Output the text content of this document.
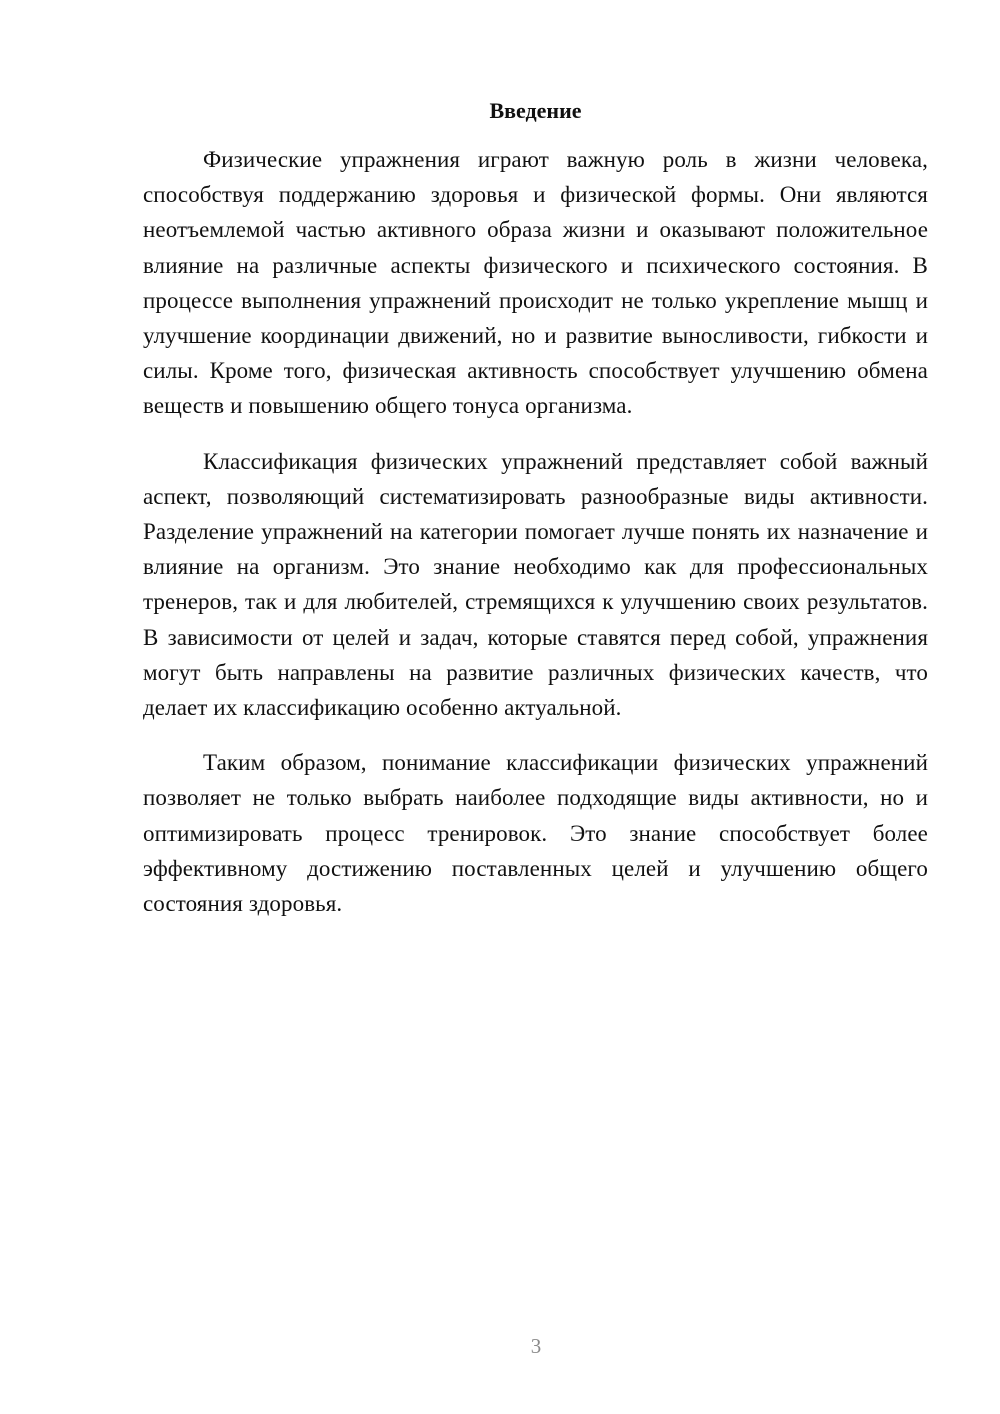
Введение

Физические упражнения играют важную роль в жизни человека, способствуя поддержанию здоровья и физической формы. Они являются неотъемлемой частью активного образа жизни и оказывают положительное влияние на различные аспекты физического и психического состояния. В процессе выполнения упражнений происходит не только укрепление мышц и улучшение координации движений, но и развитие выносливости, гибкости и силы. Кроме того, физическая активность способствует улучшению обмена веществ и повышению общего тонуса организма.

Классификация физических упражнений представляет собой важный аспект, позволяющий систематизировать разнообразные виды активности. Разделение упражнений на категории помогает лучше понять их назначение и влияние на организм. Это знание необходимо как для профессиональных тренеров, так и для любителей, стремящихся к улучшению своих результатов. В зависимости от целей и задач, которые ставятся перед собой, упражнения могут быть направлены на развитие различных физических качеств, что делает их классификацию особенно актуальной.

Таким образом, понимание классификации физических упражнений позволяет не только выбрать наиболее подходящие виды активности, но и оптимизировать процесс тренировок. Это знание способствует более эффективному достижению поставленных целей и улучшению общего состояния здоровья.

3
